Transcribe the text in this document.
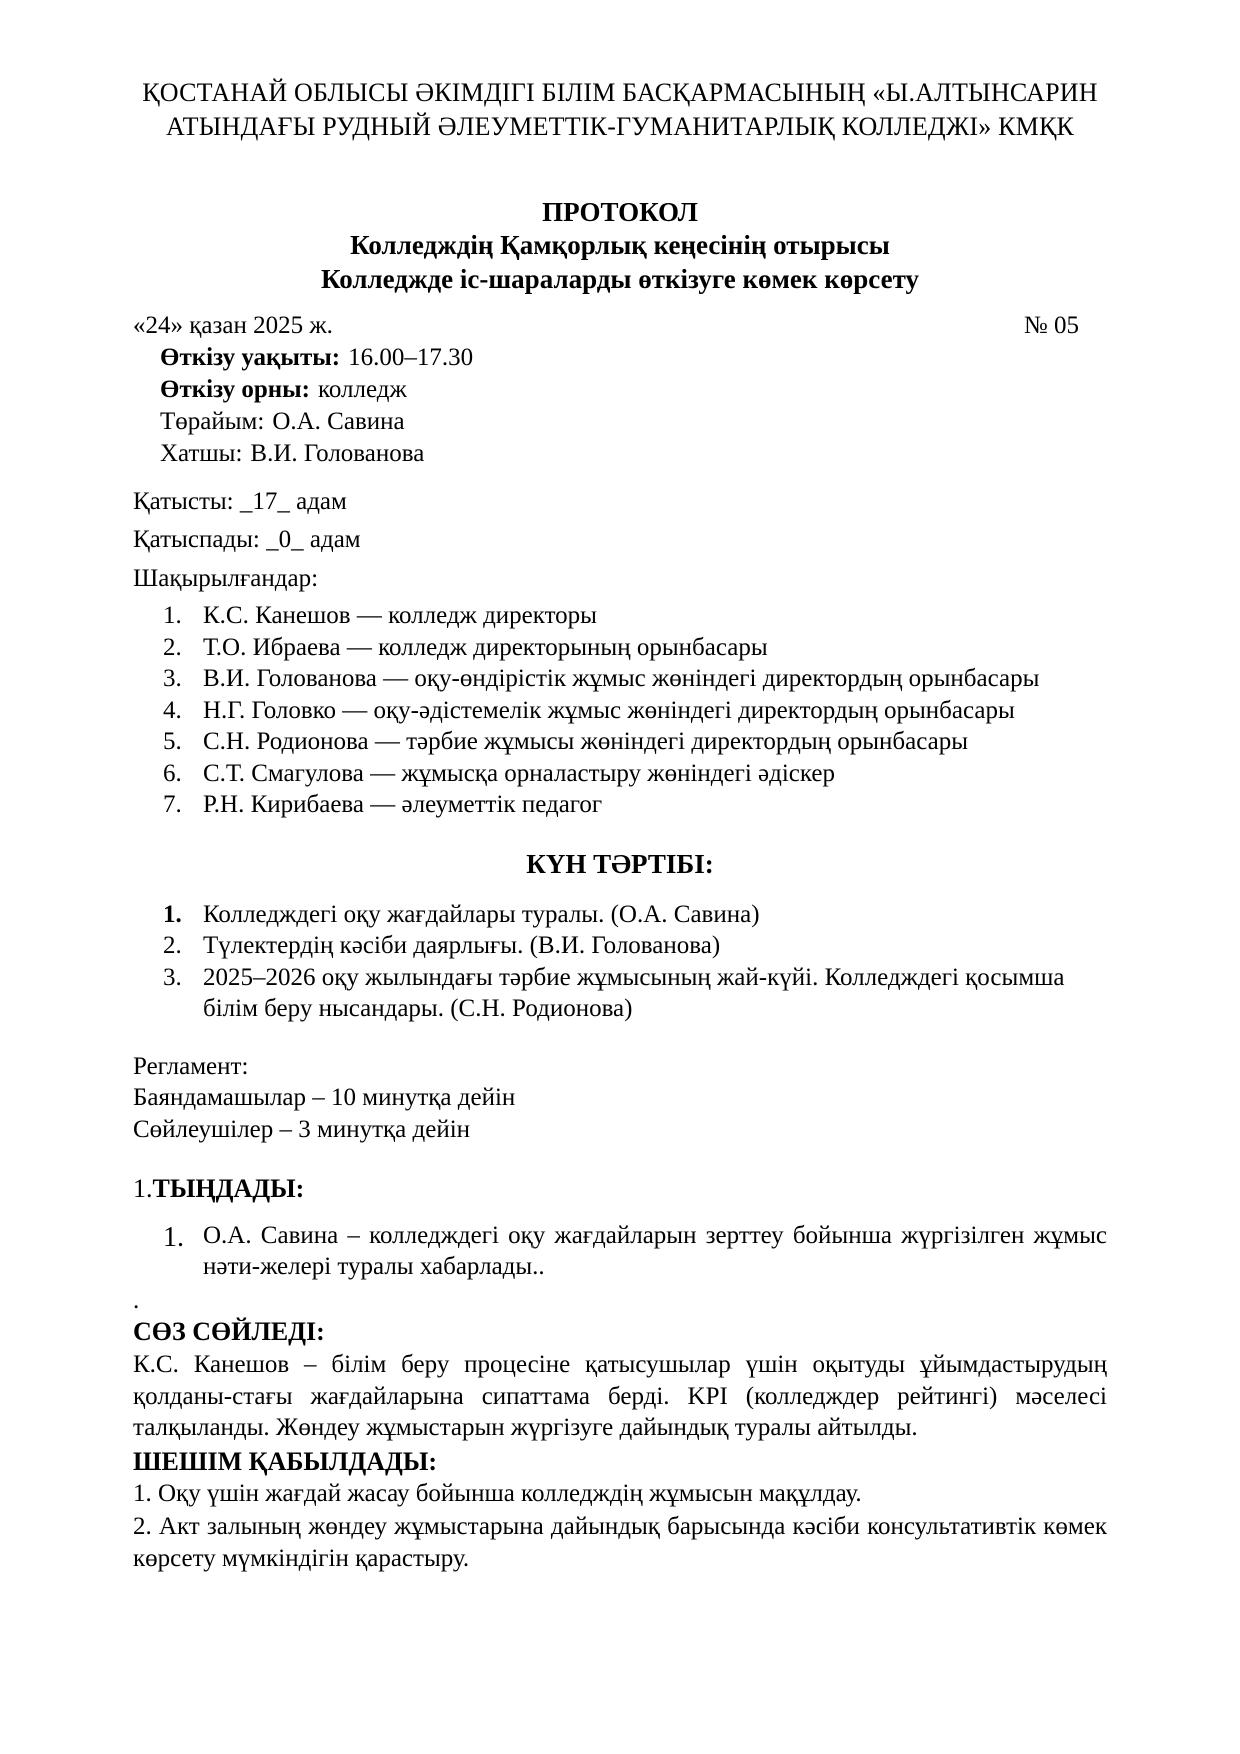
ҚОСТАНАЙ ОБЛЫСЫ ӘКІМДІГІ БІЛІМ БАСҚАРМАСЫНЫҢ «Ы.АЛТЫНСАРИН АТЫНДАҒЫ РУДНЫЙ ӘЛЕУМЕТТІК-ГУМАНИТАРЛЫҚ КОЛЛЕДЖІ» КМҚК
ПРОТОКОЛ
Колледждің Қамқорлық кеңесінің отырысы
Колледжде іс-шараларды өткізуге көмек көрсету
«24» қазан 2025 ж.	№ 05
Өткізу уақыты: 16.00–17.30
Өткізу орны: колледж
Төрайым: О.А. Савина
Хатшы: В.И. Голованова

Қатысты: _17_ адам

Қатыспады: _0_ адам

Шақырылғандар:

1. К.С. Канешов — колледж директоры
2. Т.О. Ибраева — колледж директорының орынбасары
3. В.И. Голованова — оқу-өндірістік жұмыс жөніндегі директордың орынбасары
4. Н.Г. Головко — оқу-әдістемелік жұмыс жөніндегі директордың орынбасары
5. С.Н. Родионова — тәрбие жұмысы жөніндегі директордың орынбасары
6. С.Т. Смагулова — жұмысқа орналастыру жөніндегі әдіскер
7. Р.Н. Кирибаева — әлеуметтік педагог
КҮН ТӘРТІБІ:
1. Колледждегі оқу жағдайлары туралы. (О.А. Савина)
2. Түлектердің кәсіби даярлығы. (В.И. Голованова)
3. 2025–2026 оқу жылындағы тәрбие жұмысының жай-күйі. Колледждегі қосымша білім беру нысандары. (С.Н. Родионова)
Регламент:
Баяндамашылар – 10 минутқа дейін
Сөйлеушілер – 3 минутқа дейін
1.ТЫҢДАДЫ:
1. О.А. Савина – колледждегі оқу жағдайларын зерттеу бойынша жүргізілген жұмыс нәти-желері туралы хабарлады..
.
СӨЗ СӨЙЛЕДІ:

К.С. Канешов – білім беру процесіне қатысушылар үшін оқытуды ұйымдастырудың қолданы-стағы жағдайларына сипаттама берді. KPI (колледждер рейтингі) мәселесі талқыланды. Жөндеу жұмыстарын жүргізуге дайындық туралы айтылды.

ШЕШІМ ҚАБЫЛДАДЫ:

1. Оқу үшін жағдай жасау бойынша колледждің жұмысын мақұлдау.

2. Акт залының жөндеу жұмыстарына дайындық барысында кәсіби консультативтік көмек көрсету мүмкіндігін қарастыру.
